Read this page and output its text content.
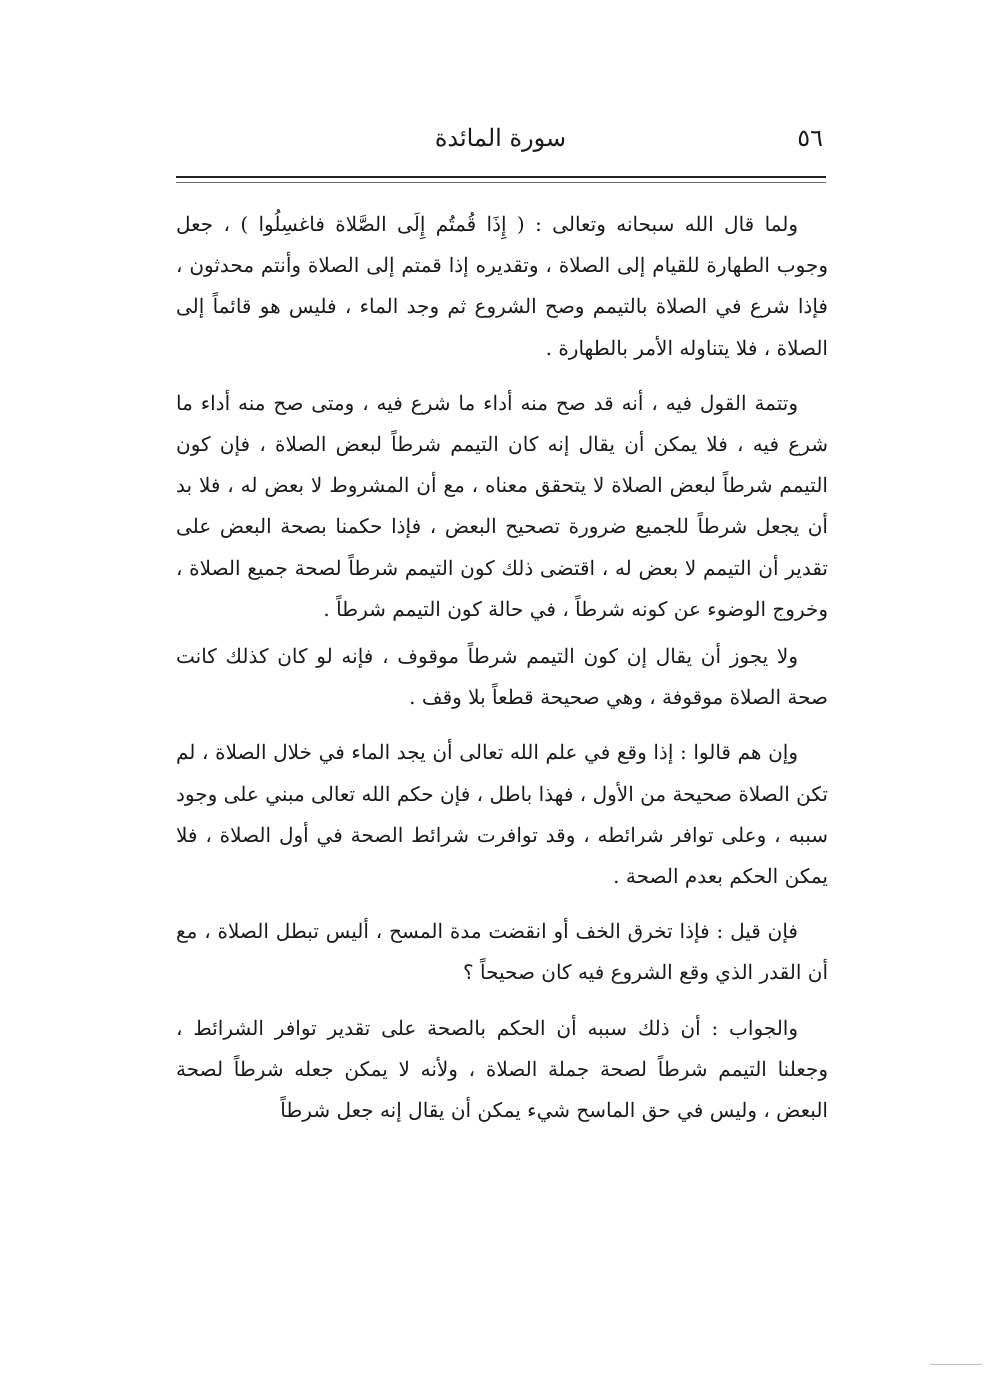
٥٦
سورة المائدة

ولما قال الله سبحانه وتعالى : ( إِذَا قُمتُم إِلَى الصَّلاة فاغسِلُوا ) ، جعل وجوب الطهارة للقيام إلى الصلاة ، وتقديره إذا قمتم إلى الصلاة وأنتم محدثون ، فإذا شرع في الصلاة بالتيمم وصح الشروع ثم وجد الماء ، فليس هو قائماً إلى الصلاة ، فلا يتناوله الأمر بالطهارة .

وتتمة القول فيه ، أنه قد صح منه أداء ما شرع فيه ، ومتى صح منه أداء ما شرع فيه ، فلا يمكن أن يقال إنه كان التيمم شرطاً لبعض الصلاة ، فإن كون التيمم شرطاً لبعض الصلاة لا يتحقق معناه ، مع أن المشروط لا بعض له ، فلا بد أن يجعل شرطاً للجميع ضرورة تصحيح البعض ، فإذا حكمنا بصحة البعض على تقدير أن التيمم لا بعض له ، اقتضى ذلك كون التيمم شرطاً لصحة جميع الصلاة ، وخروج الوضوء عن كونه شرطاً ، في حالة كون التيمم شرطاً .

ولا يجوز أن يقال إن كون التيمم شرطاً موقوف ، فإنه لو كان كذلك كانت صحة الصلاة موقوفة ، وهي صحيحة قطعاً بلا وقف .

وإن هم قالوا : إذا وقع في علم الله تعالى أن يجد الماء في خلال الصلاة ، لم تكن الصلاة صحيحة من الأول ، فهذا باطل ، فإن حكم الله تعالى مبني على وجود سببه ، وعلى توافر شرائطه ، وقد توافرت شرائط الصحة في أول الصلاة ، فلا يمكن الحكم بعدم الصحة .

فإن قيل : فإذا تخرق الخف أو انقضت مدة المسح ، أليس تبطل الصلاة ، مع أن القدر الذي وقع الشروع فيه كان صحيحاً ؟

والجواب : أن ذلك سببه أن الحكم بالصحة على تقدير توافر الشرائط ، وجعلنا التيمم شرطاً لصحة جملة الصلاة ، ولأنه لا يمكن جعله شرطاً لصحة البعض ، وليس في حق الماسح شيء يمكن أن يقال إنه جعل شرطاً
